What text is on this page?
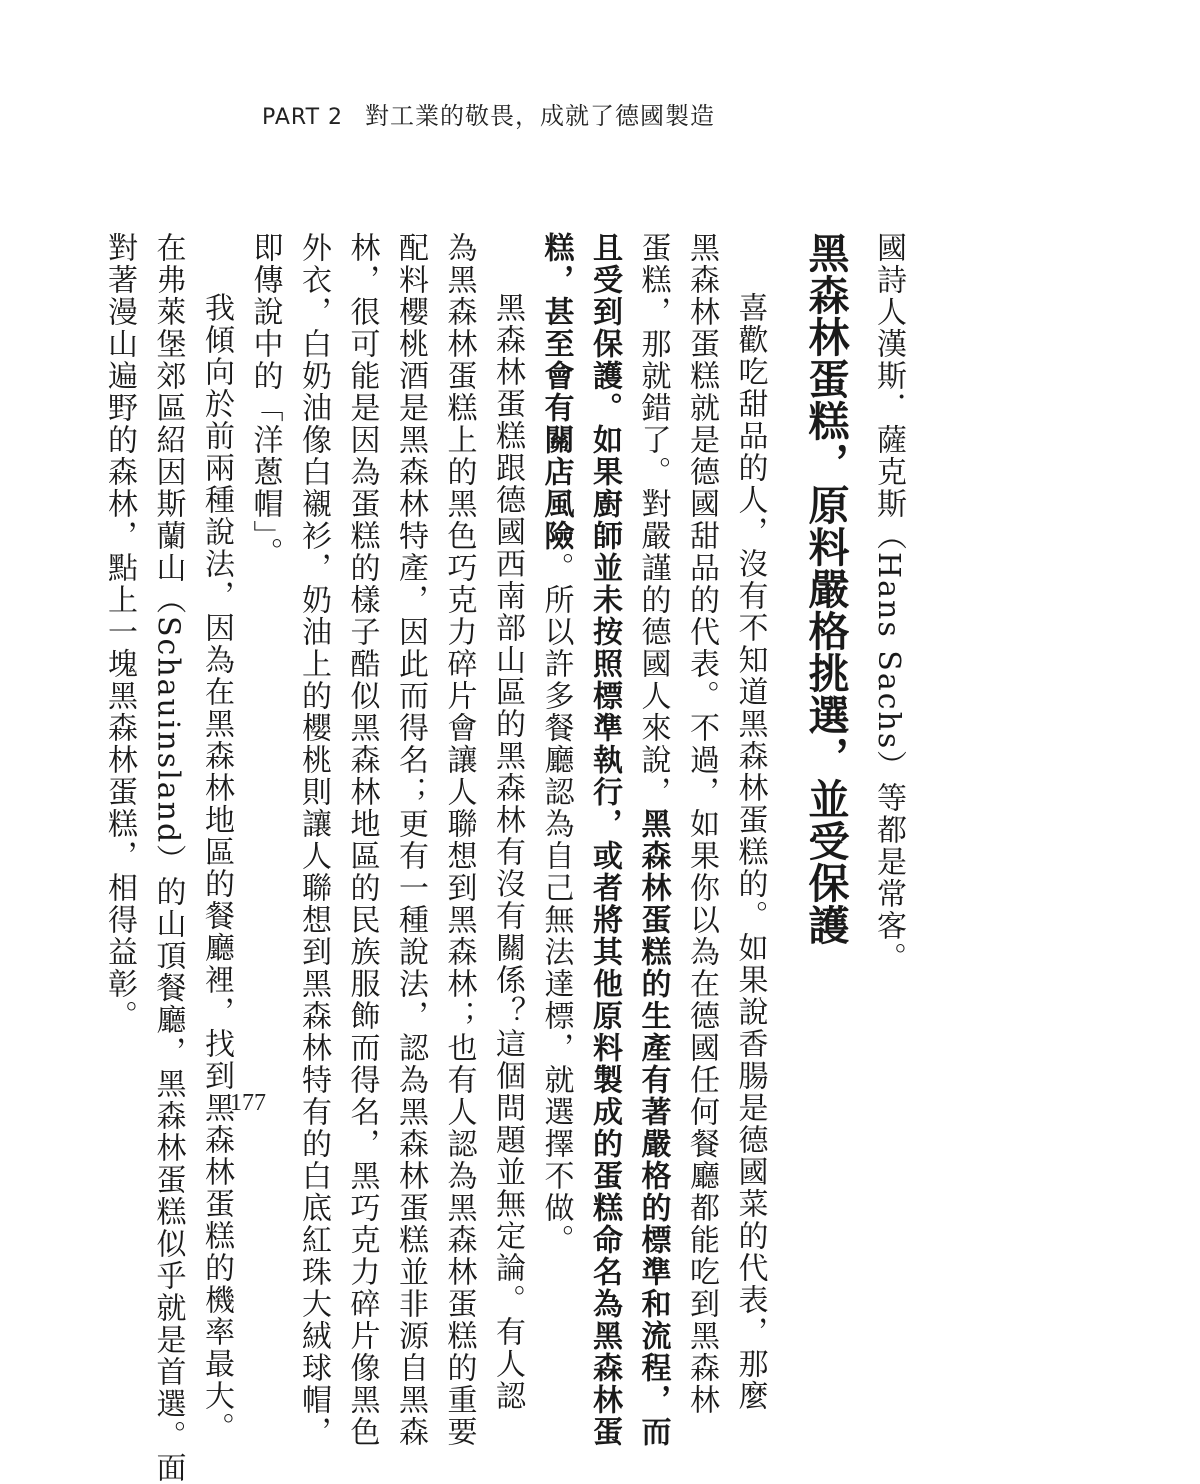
PART 2 對工業的敬畏，成就了德國製造

國詩人漢斯．薩克斯（Hans Sachs）等都是常客。

黑森林蛋糕，原料嚴格挑選，並受保護

喜歡吃甜品的人，沒有不知道黑森林蛋糕的。如果說香腸是德國菜的代表，那麼

黑森林蛋糕就是德國甜品的代表。不過，如果你以為在德國任何餐廳都能吃到黑森林

蛋糕，那就錯了。對嚴謹的德國人來說，黑森林蛋糕的生產有著嚴格的標準和流程，而

且受到保護。如果廚師並未按照標準執行，或者將其他原料製成的蛋糕命名為黑森林蛋

糕，甚至會有關店風險。所以許多餐廳認為自己無法達標，就選擇不做。

黑森林蛋糕跟德國西南部山區的黑森林有沒有關係？這個問題並無定論。有人認

為黑森林蛋糕上的黑色巧克力碎片會讓人聯想到黑森林；也有人認為黑森林蛋糕的重要

配料櫻桃酒是黑森林特產，因此而得名；更有一種說法，認為黑森林蛋糕並非源自黑森

林，很可能是因為蛋糕的樣子酷似黑森林地區的民族服飾而得名，黑巧克力碎片像黑色

外衣，白奶油像白襯衫，奶油上的櫻桃則讓人聯想到黑森林特有的白底紅珠大絨球帽，

即傳說中的「洋蔥帽」。

我傾向於前兩種說法，因為在黑森林地區的餐廳裡，找到黑森林蛋糕的機率最大。

在弗萊堡郊區紹因斯蘭山（Schauinsland）的山頂餐廳，黑森林蛋糕似乎就是首選。面

對著漫山遍野的森林，點上一塊黑森林蛋糕，相得益彰。

177
